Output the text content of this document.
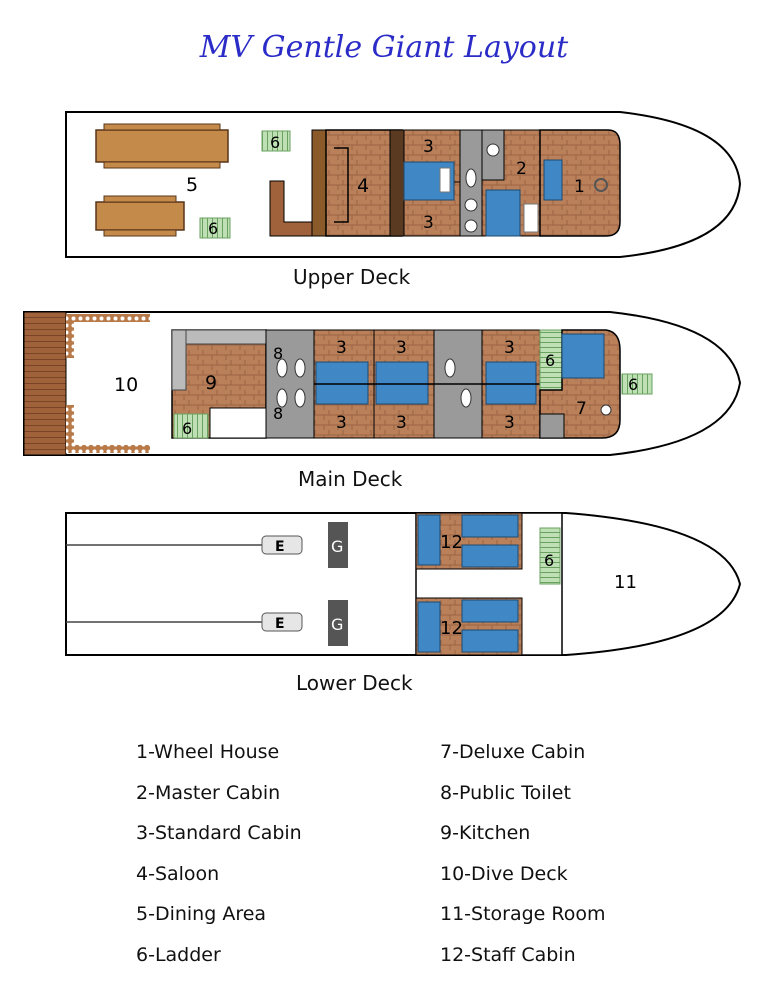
MV Gentle Giant Layout
5
6
6
4
3
3
2
1
10	9
6
8
8
3	3	3
3	3	3
6
6
7
E
E
G
G
12
12
6
11
Upper Deck
Main Deck
Lower Deck
1-Wheel House
2-Master Cabin
3-Standard Cabin
4-Saloon
5-Dining Area
6-Ladder
7-Deluxe Cabin
8-Public Toilet
9-Kitchen
10-Dive Deck
11-Storage Room
12-Staff Cabin
